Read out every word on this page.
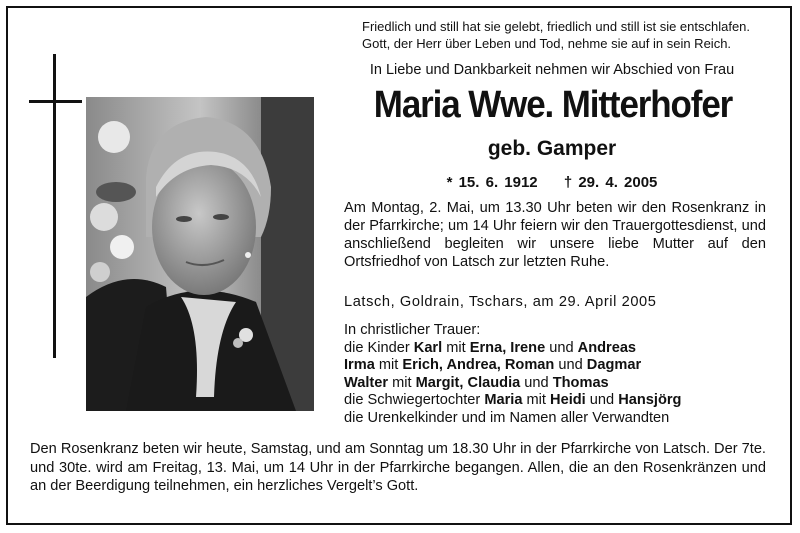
Friedlich und still hat sie gelebt, friedlich und still ist sie entschlafen.
Gott, der Herr über Leben und Tod, nehme sie auf in sein Reich.
In Liebe und Dankbarkeit nehmen wir Abschied von Frau
Maria Wwe. Mitterhofer
geb. Gamper
* 15. 6. 1912 † 29. 4. 2005
Am Montag, 2. Mai, um 13.30 Uhr beten wir den Rosenkranz in der Pfarrkirche; um 14 Uhr feiern wir den Trauergottesdienst, und anschließend begleiten wir unsere liebe Mutter auf den Ortsfriedhof von Latsch zur letzten Ruhe.
Latsch, Goldrain, Tschars, am 29. April 2005
In christlicher Trauer:
die Kinder Karl mit Erna, Irene und Andreas
Irma mit Erich, Andrea, Roman und Dagmar
Walter mit Margit, Claudia und Thomas
die Schwiegertochter Maria mit Heidi und Hansjörg
die Urenkelkinder und im Namen aller Verwandten
Den Rosenkranz beten wir heute, Samstag, und am Sonntag um 18.30 Uhr in der Pfarrkirche von Latsch. Der 7te. und 30te. wird am Freitag, 13. Mai, um 14 Uhr in der Pfarrkirche begangen. Allen, die an den Rosenkränzen und an der Beerdigung teilnehmen, ein herzliches Vergelt’s Gott.
